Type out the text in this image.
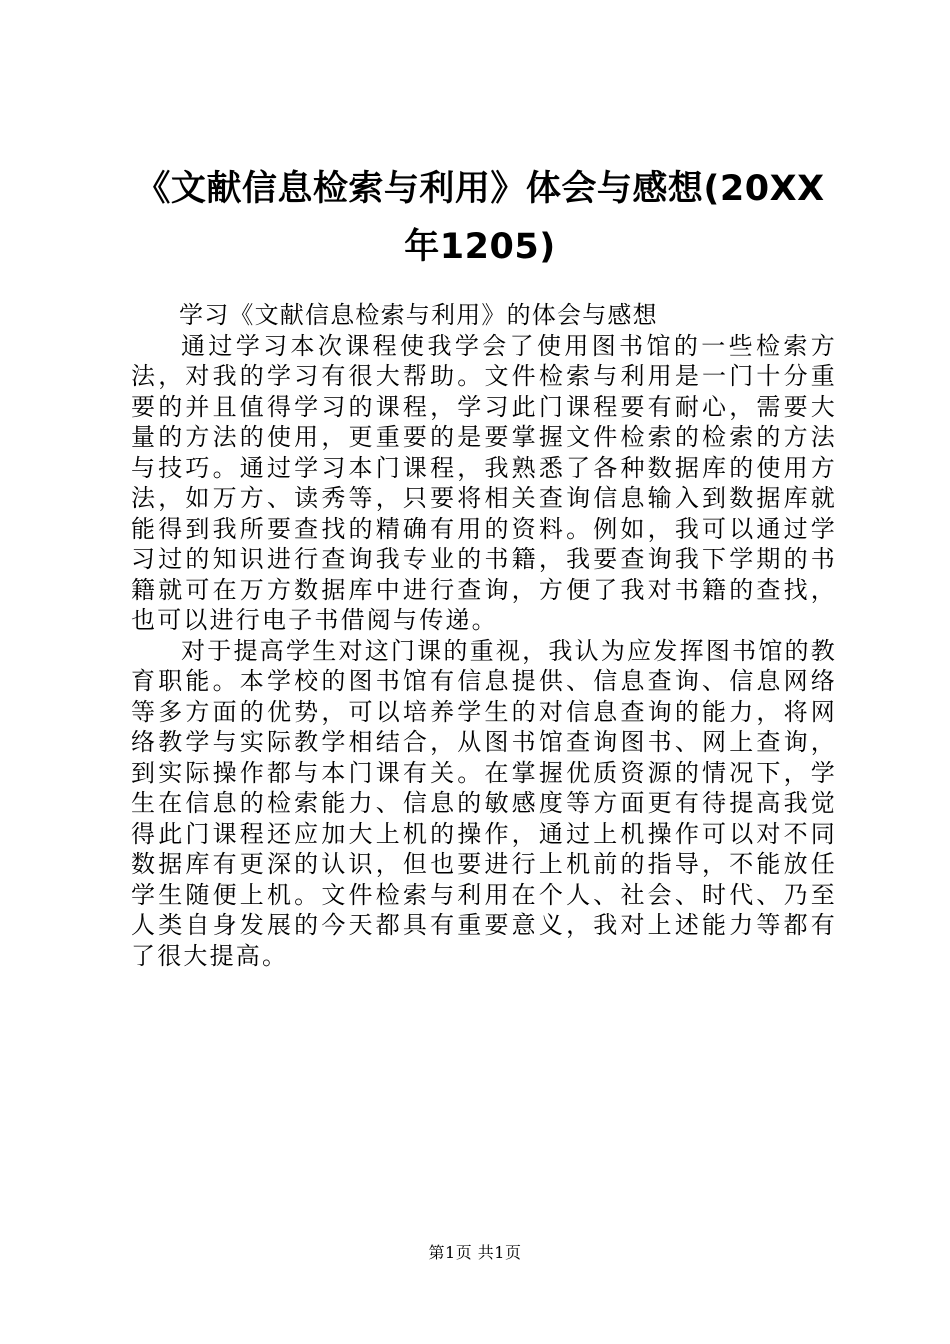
《文献信息检索与利用》体会与感想(20XX年1205)

学习《文献信息检索与利用》的体会与感想

通过学习本次课程使我学会了使用图书馆的一些检索方法，对我的学习有很大帮助。文件检索与利用是一门十分重要的并且值得学习的课程，学习此门课程要有耐心，需要大量的方法的使用，更重要的是要掌握文件检索的检索的方法与技巧。通过学习本门课程，我熟悉了各种数据库的使用方法，如万方、读秀等，只要将相关查询信息输入到数据库就能得到我所要查找的精确有用的资料。例如，我可以通过学习过的知识进行查询我专业的书籍，我要查询我下学期的书籍就可在万方数据库中进行查询，方便了我对书籍的查找，也可以进行电子书借阅与传递。

对于提高学生对这门课的重视，我认为应发挥图书馆的教育职能。本学校的图书馆有信息提供、信息查询、信息网络等多方面的优势，可以培养学生的对信息查询的能力，将网络教学与实际教学相结合，从图书馆查询图书、网上查询，到实际操作都与本门课有关。在掌握优质资源的情况下，学生在信息的检索能力、信息的敏感度等方面更有待提高我觉得此门课程还应加大上机的操作，通过上机操作可以对不同数据库有更深的认识，但也要进行上机前的指导，不能放任学生随便上机。文件检索与利用在个人、社会、时代、乃至人类自身发展的今天都具有重要意义，我对上述能力等都有了很大提高。

第1页 共1页
